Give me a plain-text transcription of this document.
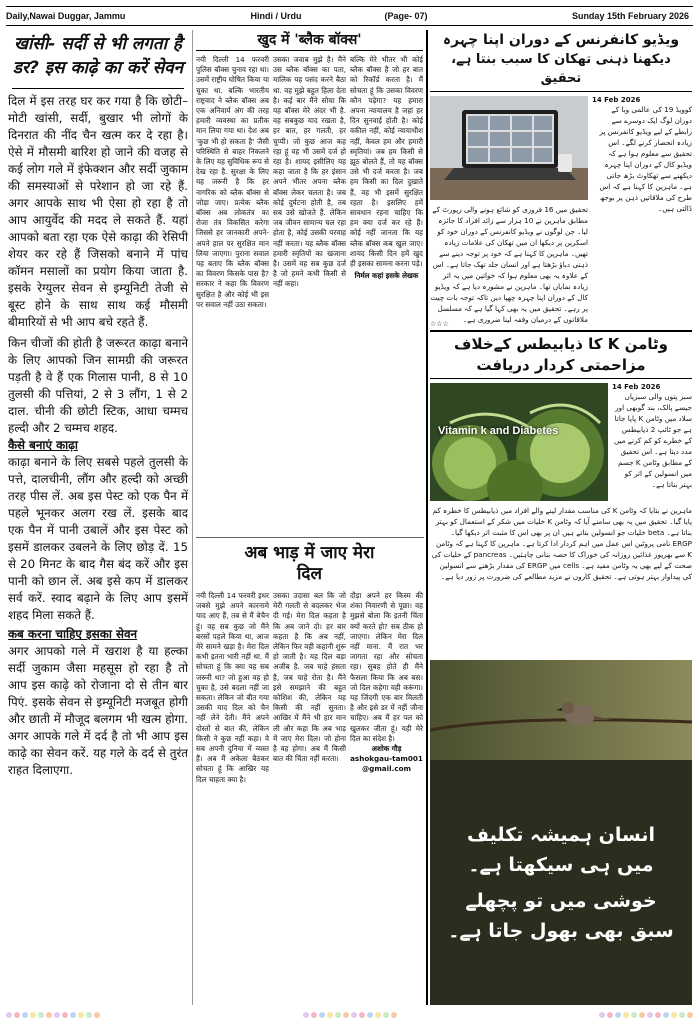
Daily,Nawai Duggar, Jammu	Hindi / Urdu	(Page- 07)	Sunday 15th February 2026
खांसी- सर्दी से भी लगता है डर? इस काढ़े का करें सेवन

दिल में इस तरह घर कर गया है कि छोटी–मोटी खांसी, सर्दी, बुखार भी लोगों के दिनरात की नींद चैन खत्म कर दे रहा है। ऐसे में मौसमी बारिश हो जाने की वजह से कई लोग गले में इंफेक्शन और सर्दी जुकाम की समस्याओं से परेशान हो जा रहे हैं. अगर आपके साथ भी ऐसा हो रहा है तो आप आयुर्वेद की मदद ले सकते हैं. यहां आपको बता रहा एक ऐसे काढ़ा की रेसिपी शेयर कर रहे हैं जिसको बनाने में पांच कॉमन मसालों का प्रयोग किया जाता है. इसके रेग्युलर सेवन से इम्यूनिटी तेजी से बूस्ट होने के साथ साथ कई मौसमी बीमारियों से भी आप बचे रहते हैं.

किन चीजों की होती है जरूरत काढ़ा बनाने के लिए आपको जिन सामग्री की जरूरत पड़ती है वे हैं एक गिलास पानी, 8 से 10 तुलसी की पत्तियां, 2 से 3 लौंग, 1 से 2 दाल. चीनी की छोटी स्टिक, आधा चम्मच हल्दी और 2 चम्मच शहद.

कैसे बनाएं काढ़ा

काढ़ा बनाने के लिए सबसे पहले तुलसी के पत्ते, दालचीनी, लौंग और हल्दी को अच्छी तरह पीस लें. अब इस पेस्ट को एक पैन में पहले भूनकर अलग रख लें. इसके बाद एक पैन में पानी उबालें और इस पेस्ट को इसमें डालकर उबलने के लिए छोड़ दें. 15 से 20 मिनट के बाद गैस बंद करें और इस पानी को छान लें. अब इसे कप में डालकर सर्व करें. स्वाद बढ़ाने के लिए आप इसमें शहद मिला सकते हैं.

कब करना चाहिए इसका सेवन

अगर आपको गले में खराश है या हल्का सर्दी जुकाम जैसा महसूस हो रहा है तो आप इस काढ़े को रोजाना दो से तीन बार पिएं. इसके सेवन से इम्यूनिटी मजबूत होगी और छाती में मौजूद बलगम भी खत्म होगा. अगर आपके गले में दर्द है तो भी आप इस काढ़े का सेवन करें. यह गले के दर्द से तुरंत राहत दिलाएगा.

खुद में 'ब्लैक बॉक्स'

नयी दिल्ली 14 फरवरी पुलिस बॉक्स चुनाव रहा था। उसमें राष्ट्रीय घोषित किया या चुका था. बल्कि भारतीय राष्ट्रवाद ने ब्लैक बॉक्स अब एक अनिवार्य अंग की तरह हमारी व्यवस्था का प्रतीक मान लिया गया था। देश अब 'कुछ भी हो सकता है' जैसी परिस्थिति से बाहर निकलने के लिए यह सुविधिक रूप से देख रहा है. सुरक्षा के लिए यह जरूरी है कि हर नागरिक को ब्लैक बॉक्स से जोड़ा जाए। प्रत्येक ब्लैक बॉक्स अब लोकतंत्र का रोजा तंत्र विकसित करेगा जिससे हर जानकारी अपने-अपने हाल पर सुरक्षित मान लिया जाएगा। पुराना सवाल यह बताए कि ब्लैक बॉक्स का विवरण किसके पास है? सरकार ने कहा कि विवरण सुरक्षित है और कोई भी इस पर सवाल नहीं उठा सकता।

उसका जवाब मुझे है। मैंने उस ब्लैक बॉक्स का पता, मालिक यह पसंद करने बैठा था. वह मुझे बहुत हिला देता है। कई बार मैंने सोचा कि यह बॉक्स मेरे अंदर भी है. वह सबकुछ याद रखता है, हर बात, हर गलती, हर चुप्पी। जो कुछ आज कह रहा हूं वह भी उसमें दर्ज हो रहा है। शायद इसीलिए यह कहा जाता है कि हर इंसान अपने भीतर अपना ब्लैक बॉक्स लेकर चलता है। जब कोई दुर्घटना होती है, तब सब उसे खोजते हैं. लेकिन जब जीवन सामान्य चल रहा होता है, कोई उसकी परवाह नहीं करता। यह ब्लैक बॉक्स हमारी स्मृतियों का खजाना है। उसमें वह सब कुछ दर्ज है जो हमने कभी किसी से नहीं कहा।

बल्कि मेरे भीतर भी कोई ब्लैक बॉक्स है जो हर बात को रिकॉर्ड करता है। मैं सोचता हूं कि उसका विवरण कौन पढ़ेगा? यह हमारा अपना न्यायालय है जहां हर दिन सुनवाई होती है। कोई वकील नहीं, कोई न्यायाधीश नहीं, केवल हम और हमारी स्मृतियां। जब हम किसी से झूठ बोलते हैं, तो यह बॉक्स उसे भी दर्ज करता है। जब हम किसी का दिल दुखाते हैं, वह भी इसमें सुरक्षित रहता है। इसलिए हमें सावधान रहना चाहिए कि हम क्या दर्ज कर रहे हैं। कोई नहीं जानता कि यह ब्लैक बॉक्स कब खुल जाए। शायद किसी दिन हमें खुद ही इसका सामना करना पड़े।

निर्मल कहां इसके लेखक

अब भाड़ में जाए मेरा दिल

नयी दिल्ली 14 फरवरी इधर जबसे मुझे अपने कारनामे याद आए हैं, तब से मैं बेचैन हूं। वह सब कुछ जो मैंने बरसों पहले किया था, आज मेरे सामने खड़ा है। मेरा दिल कभी इतना भारी नहीं था. मैं सोचता हूं कि क्या यह सब जरूरी था? जो हुआ वह हो चुका है, उसे बदला नहीं जा सकता। लेकिन जो बीत गया उसकी याद दिल को चैन नहीं लेने देती। मैंने अपने दोस्तों से बात की, लेकिन किसी ने कुछ नहीं कहा। वे सब अपनी दुनिया में व्यस्त हैं। अब मैं अकेला बैठकर सोचता हूं कि आखिर यह दिल चाहता क्या है।

उसका उदासा बल कि जो मेरी गलती से बदलकर भेज दी गई। मेरा दिल कहता है कि अब जाने दो। हर बार कहता है कि अब नहीं, लेकिन फिर वही कहानी शुरू हो जाती है। यह दिल बड़ा अजीब है. जब चाहे हंसता है, जब चाहे रोता है। मैंने इसे समझाने की बहुत कोशिश की, लेकिन यह किसी की नहीं सुनता। आखिर में मैंने भी हार मान ली और कहा कि अब भाड़ में जाए मेरा दिल। जो होना है वह होगा। अब मैं किसी बात की चिंता नहीं करता।

दौड़ा अपने हर किस्म की शंका निवारणी से पूछा। वह मुझसे बोला कि इतनी चिंता क्यों करते हो? सब ठीक हो जाएगा। लेकिन मेरा दिल नहीं माना. मैं रात भर जागता रहा और सोचता रहा। सुबह होते ही मैंने फैसला किया कि अब बस। जो दिल कहेगा वही करूंगा। यह जिंदगी एक बार मिलती है और इसे डर में नहीं जीना चाहिए। अब मैं हर पल को खुलकर जीता हूं। यही मेरे दिल का संदेश है।

अशोक गौड़

ashokgau-tam001@gmail.com

ویڈیو کانفرنس کے دوران اپنا چہرہ
دیکھنا ذہنی تھکان کا سبب بنتا ہے، تحقیق
14 Feb 2026

کوویڈ 19 کی عالمی وبا کے دوران لوگ ایک دوسرے سے رابطے کے لیے ویڈیو کانفرنس پر زیادہ انحصار کرنے لگے۔ اس تحقیق سے معلوم ہوا ہے کہ ویڈیو کال کے دوران اپنا چہرہ دیکھنے سے تھکاوٹ بڑھ جاتی ہے۔ ماہرین کا کہنا ہے کہ اس طرح کی ملاقاتیں ذہن پر بوجھ ڈالتی ہیں۔

تحقیق میں 16 فروری کو شائع ہونے والی رپورٹ کے مطابق ماہرین نے 10 ہزار سے زائد افراد کا جائزہ لیا۔ جن لوگوں نے ویڈیو کانفرنس کے دوران خود کو اسکرین پر دیکھا ان میں تھکان کی علامات زیادہ تھیں۔ ماہرین کا کہنا ہے کہ خود پر توجہ دینے سے ذہنی دباؤ بڑھتا ہے اور انسان جلد تھک جاتا ہے۔ اس کے علاوہ یہ بھی معلوم ہوا کہ خواتین میں یہ اثر زیادہ نمایاں تھا۔ ماہرین نے مشورہ دیا ہے کہ ویڈیو کال کے دوران اپنا چہرہ چھپا دیں تاکہ توجہ بات چیت پر رہے۔ تحقیق میں یہ بھی کہا گیا ہے کہ مسلسل ملاقاتوں کے درمیان وقفہ لینا ضروری ہے۔

☆☆☆
وٹامن K کا ذیابیطس کےخلاف
مزاحمتی کردار دریافت
Vitamin k and Diabetes
14 Feb 2026

سبز پتوں والی سبزیاں جیسے پالک، بند گوبھی اور سلاد میں وٹامن K پایا جاتا ہے جو ٹائپ 2 ذیابیطس کے خطرے کو کم کرنے میں مدد دیتا ہے۔ اس تحقیق کے مطابق وٹامن K جسم میں انسولین کے اثر کو بہتر بناتا ہے۔

ماہرین نے بتایا کہ وٹامن K کی مناسب مقدار لینے والے افراد میں ذیابیطس کا خطرہ کم پایا گیا۔ تحقیق میں یہ بھی سامنے آیا کہ وٹامن K خلیات میں شکر کے استعمال کو بہتر بناتا ہے۔ beta خلیات جو انسولین بناتے ہیں ان پر بھی اس کا مثبت اثر دیکھا گیا۔ ERGP نامی پروٹین اس عمل میں اہم کردار ادا کرتا ہے۔ ماہرین کا کہنا ہے کہ وٹامن K سے بھرپور غذائیں روزانہ کی خوراک کا حصہ بنانی چاہئیں۔ pancreas کے خلیات کی صحت کے لیے بھی یہ وٹامن مفید ہے۔ cells میں ERGP کی مقدار بڑھنے سے انسولین کی پیداوار بہتر ہوتی ہے۔ تحقیق کاروں نے مزید مطالعے کی ضرورت پر زور دیا ہے۔

انسان ہمیشہ تکلیف میں ہی سیکھتا ہے۔
خوشی میں تو پچھلے سبق بھی بھول جاتا ہے۔
